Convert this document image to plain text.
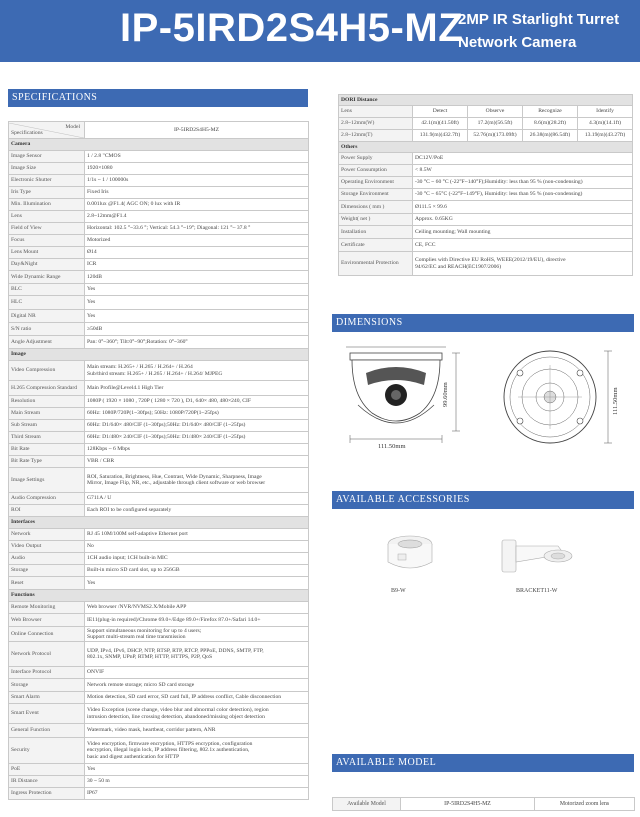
IP-5IRD2S4H5-MZ
2MP IR Starlight Turret
Network Camera
SPECIFICATIONS
Model
Specifications	IP-5IRD2S4H5-MZ
Camera	
Image Sensor	1 / 2.8 "CMOS

Image Size	1920×1080

Electronic Shutter	1/1s ~ 1 / 100000s

Iris Type	Fixed Iris

Min. Illumination	0.001lux @F1.4( AGC ON; 0 lux with IR

Lens	2.8~12mm@F1.4

Field of View	Horizontal: 102.5 °~33.6 °; Vertical: 54.3 °~19°; Diagonal: 121 °~ 37.8 °

Focus	Motorized

Lens Mount	Ø14

Day&Night	ICR

Wide Dynamic Range	120dB

BLC	Yes

HLC	Yes

Digital NR	Yes

S/N ratio	≥50dB

Angle Adjustment	Pan: 0°~360°; Tilt:0°~90°;Rotation: 0°~360°

Image	
Video Compression	Main stream: H.265+ / H.265 / H.264+ / H.264
Sub/third stream: H.265+ / H.265 / H.264+ / H.264/ MJPEG

H.265 Compression Standard	Main Profile@Level4.1 High Tier

Resolution	1080P ( 1920 × 1080 , 720P ( 1280 × 720 ), D1, 640× 480, 480×240, CIF

Main Stream	60Hz: 1080P/720P(1~30fps); 50Hz: 1080P/720P(1~25fps)

Sub Stream	60Hz: D1/640× 480/CIF (1~30fps);50Hz: D1/640× 480/CIF (1~25fps)

Third Stream	60Hz: D1/480× 240/CIF (1~30fps);50Hz: D1/480× 240/CIF (1~25fps)

Bit Rate	128Kbps ~ 6 Mbps

Bit Rate Type	VBR / CBR

Image Settings	ROI, Saturation, Brightness, Hue, Contrast, Wide Dynamic, Sharpness, Image
Mirror, Image Flip, NR, etc., adjustable through client software or web browser

Audio Compression	G711A / U

ROI	Each ROI to be configured separately

Interfaces	
Network	RJ 45 10M/100M self-adaptive Ethernet port

Video Output	No

Audio	1CH audio input; 1CH built-in MIC

Storage	Built-in micro SD card slot, up to 256GB

Reset	Yes

Functions	
Remote Monitoring	Web browser /NVR/NVMS2.X/Mobile APP

Web Browser	IE11(plug-in required)/Chrome 69.0+/Edge 89.0+/Firefox 87.0+/Safari 14.0+

Online Connection	Support simultaneous monitoring for up to 4 users;
Support multi-stream real time transmission

Network Protocol	UDP, IPv4, IPv6, DHCP, NTP, RTSP, RTP, RTCP, PPPoE, DDNS, SMTP, FTP,
802.1x, SNMP, UPnP, RTMP, HTTP, HTTPS, P2P, QoS

Interface Protocol	ONVIF

Storage	Network remote storage; micro SD card storage

Smart Alarm	Motion detection, SD card error, SD card full, IP address conflict, Cable disconnection

Smart Event	Video Exception (scene change, video blur and abnormal color detection), region
intrusion detection, line crossing detection, abandoned/missing object detection

General Function	Watermark, video mask, heartbeat, corridor pattern, ANR

Security	Video encryption, firmware encryption, HTTPS encryption, configuration
encryption, illegal login lock, IP address filtering, 802.1x authentication,
basic and digest authentication for HTTP

PoE	Yes

IR Distance	30 ~ 50 m

Ingress Protection	IP67
DORI Distance				
Lens	Detect	Observe	Recognize	Identify
2.8~12mm(W)	42.1(m)(41.50ft)	17.2(m)(56.5ft)	8.6(m)(28.2ft)	4.3(m)(14.1ft)
2.8~12mm(T)	131.9(m)(432.7ft)	52.76(m)(173.09ft)	26.38(m)(86.54ft)	13.19(m)(43.27ft)
Others				
Power Supply	DC12V/PoE			

Power Consumption	< 8.5W			

Operating Environment	-30 °C ~ 60 °C (-22°F~140°F);Humidity: less than 95 % (non-condensing)			

Storage Environment	-30 °C ~ 65°C (-22°F~149°F), Humidity: less than 95 % (non-condensing)			

Dimensions ( mm )	Ø111.5 × 99.6			

Weight( net )	Approx. 0.65KG			

Installation	Ceiling mounting; Wall mounting			

Certificate	CE, FCC			

Environmental Protection	Complies with Directive EU RoHS, WEEE(2012/19/EU), directive
94/62/EC and REACH(EC1907/2006)			
DIMENSIONS
111.50mm
99.60mm	111.50mm
AVAILABLE ACCESSORIES
B9-W	BRACKET11-W
AVAILABLE MODEL
Available Model	IP-5IRD2S4H5-MZ	Motorized zoom lens
